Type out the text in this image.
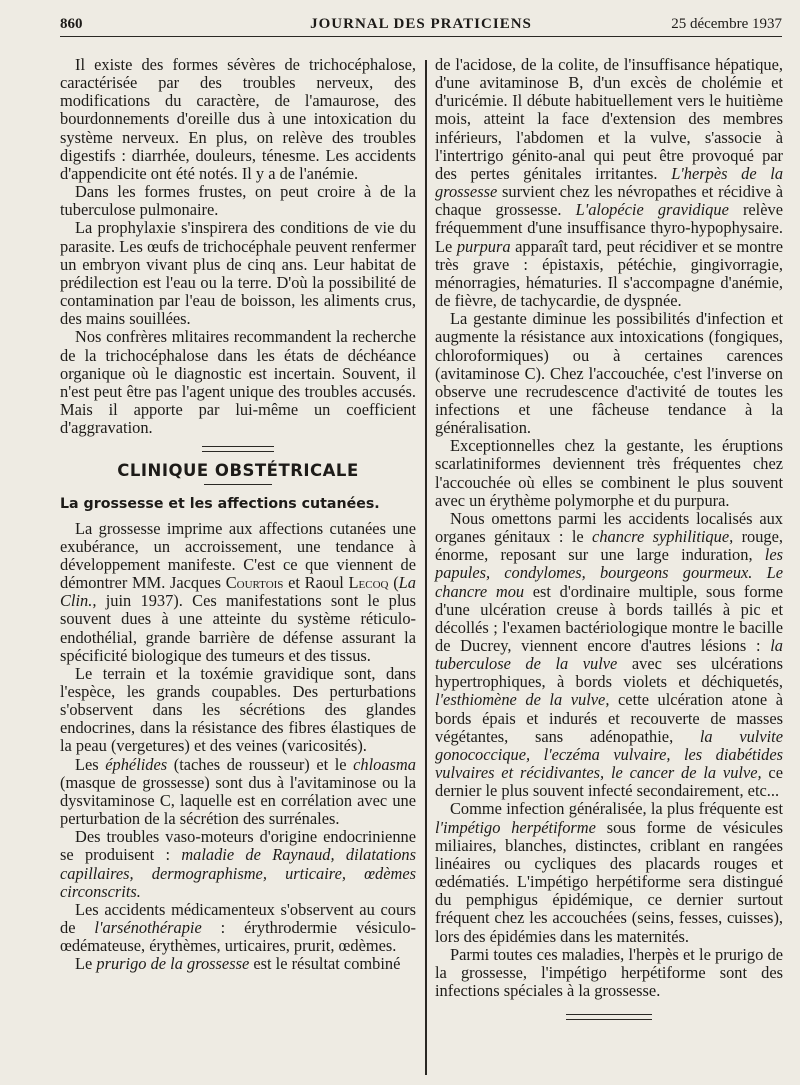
860	JOURNAL DES PRATICIENS	25 décembre 1937

Il existe des formes sévères de trichocéphalose, caractérisée par des troubles nerveux, des modifications du caractère, de l'amaurose, des bourdonnements d'oreille dus à une intoxication du système nerveux. En plus, on relève des troubles digestifs : diarrhée, douleurs, ténesme. Les accidents d'appendicite ont été notés. Il y a de l'anémie.

Dans les formes frustes, on peut croire à de la tuberculose pulmonaire.

La prophylaxie s'inspirera des conditions de vie du parasite. Les œufs de trichocéphale peuvent renfermer un embryon vivant plus de cinq ans. Leur habitat de prédilection est l'eau ou la terre. D'où la possibilité de contamination par l'eau de boisson, les aliments crus, des mains souillées.

Nos confrères mlitaires recommandent la recherche de la trichocéphalose dans les états de déchéance organique où le diagnostic est incertain. Souvent, il n'est peut être pas l'agent unique des troubles accusés. Mais il apporte par lui-même un coefficient d'aggravation.

CLINIQUE OBSTÉTRICALE

La grossesse et les affections cutanées.

La grossesse imprime aux affections cutanées une exubérance, un accroissement, une tendance à développement manifeste. C'est ce que viennent de démontrer MM. Jacques Courtois et Raoul Lecoq (La Clin., juin 1937). Ces manifestations sont le plus souvent dues à une atteinte du système réticulo-endothélial, grande barrière de défense assurant la spécificité biologique des tumeurs et des tissus.

Le terrain et la toxémie gravidique sont, dans l'espèce, les grands coupables. Des perturbations s'observent dans les sécrétions des glandes endocrines, dans la résistance des fibres élastiques de la peau (vergetures) et des veines (varicosités).

Les éphélides (taches de rousseur) et le chloasma (masque de grossesse) sont dus à l'avitaminose ou la dysvitaminose C, laquelle est en corrélation avec une perturbation de la sécrétion des surrénales.

Des troubles vaso-moteurs d'origine endocrinienne se produisent : maladie de Raynaud, dilatations capillaires, dermographisme, urticaire, œdèmes circonscrits.

Les accidents médicamenteux s'observent au cours de l'arsénothérapie : érythrodermie vésiculo-œdémateuse, érythèmes, urticaires, prurit, œdèmes.

Le prurigo de la grossesse est le résultat combiné

de l'acidose, de la colite, de l'insuffisance hépatique, d'une avitaminose B, d'un excès de cholémie et d'uricémie. Il débute habituellement vers le huitième mois, atteint la face d'extension des membres inférieurs, l'abdomen et la vulve, s'associe à l'intertrigo génito-anal qui peut être provoqué par des pertes génitales irritantes. L'herpès de la grossesse survient chez les névropathes et récidive à chaque grossesse. L'alopécie gravidique relève fréquemment d'une insuffisance thyro-hypophysaire. Le purpura apparaît tard, peut récidiver et se montre très grave : épistaxis, pétéchie, gingivorragie, ménorragies, hématuries. Il s'accompagne d'anémie, de fièvre, de tachycardie, de dyspnée.

La gestante diminue les possibilités d'infection et augmente la résistance aux intoxications (fongiques, chloroformiques) ou à certaines carences (avitaminose C). Chez l'accouchée, c'est l'inverse on observe une recrudescence d'activité de toutes les infections et une fâcheuse tendance à la généralisation.

Exceptionnelles chez la gestante, les éruptions scarlatiniformes deviennent très fréquentes chez l'accouchée où elles se combinent le plus souvent avec un érythème polymorphe et du purpura.

Nous omettons parmi les accidents localisés aux organes génitaux : le chancre syphilitique, rouge, énorme, reposant sur une large induration, les papules, condylomes, bourgeons gourmeux. Le chancre mou est d'ordinaire multiple, sous forme d'une ulcération creuse à bords taillés à pic et décollés ; l'examen bactériologique montre le bacille de Ducrey, viennent encore d'autres lésions : la tuberculose de la vulve avec ses ulcérations hypertrophiques, à bords violets et déchiquetés, l'esthiomène de la vulve, cette ulcération atone à bords épais et indurés et recouverte de masses végétantes, sans adénopathie, la vulvite gonococcique, l'eczéma vulvaire, les diabétides vulvaires et récidivantes, le cancer de la vulve, ce dernier le plus souvent infecté secondairement, etc...

Comme infection généralisée, la plus fréquente est l'impétigo herpétiforme sous forme de vésicules miliaires, blanches, distinctes, criblant en rangées linéaires ou cycliques des placards rouges et œdématiés. L'impétigo herpétiforme sera distingué du pemphigus épidémique, ce dernier surtout fréquent chez les accouchées (seins, fesses, cuisses), lors des épidémies dans les maternités.

Parmi toutes ces maladies, l'herpès et le prurigo de la grossesse, l'impétigo herpétiforme sont des infections spéciales à la grossesse.
